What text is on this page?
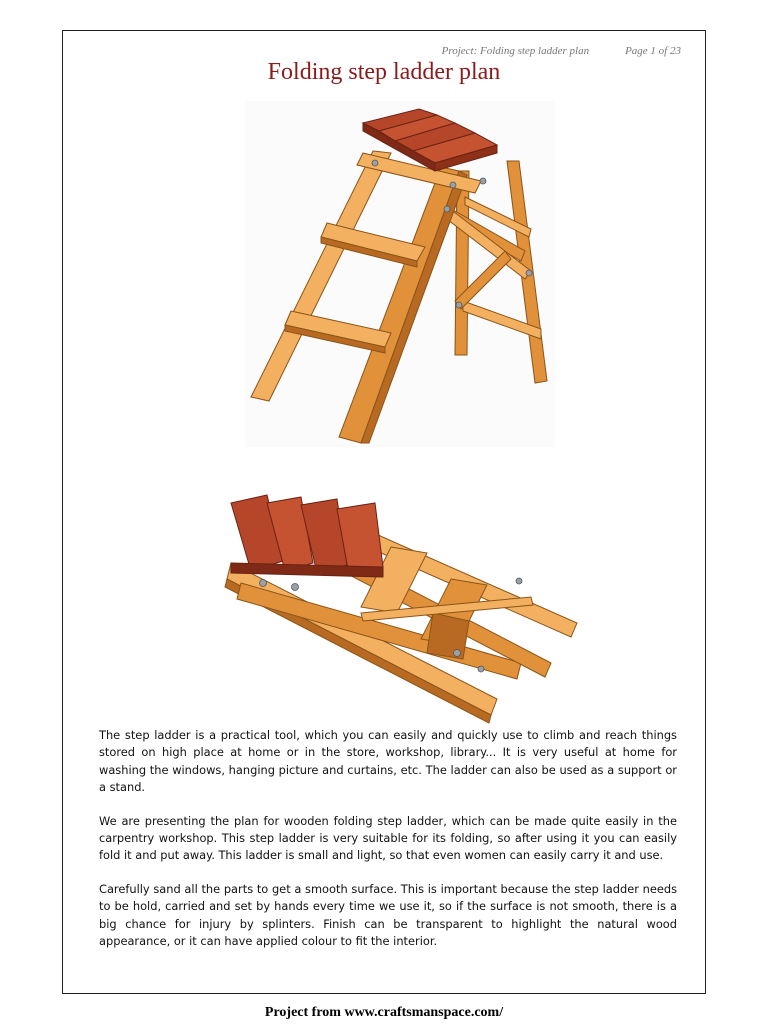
Project: Folding step ladder plan	Page 1 of 23
Folding step ladder plan

The step ladder is a practical tool, which you can easily and quickly use to climb and reach things stored on high place at home or in the store, workshop, library... It is very useful at home for washing the windows, hanging picture and curtains, etc. The ladder can also be used as a support or a stand.

We are presenting the plan for wooden folding step ladder, which can be made quite easily in the carpentry workshop. This step ladder is very suitable for its folding, so after using it you can easily fold it and put away. This ladder is small and light, so that even women can easily carry it and use.

Carefully sand all the parts to get a smooth surface. This is important because the step ladder needs to be hold, carried and set by hands every time we use it, so if the surface is not smooth, there is a big chance for injury by splinters. Finish can be transparent to highlight the natural wood appearance, or it can have applied colour to fit the interior.

Project from www.craftsmanspace.com/
